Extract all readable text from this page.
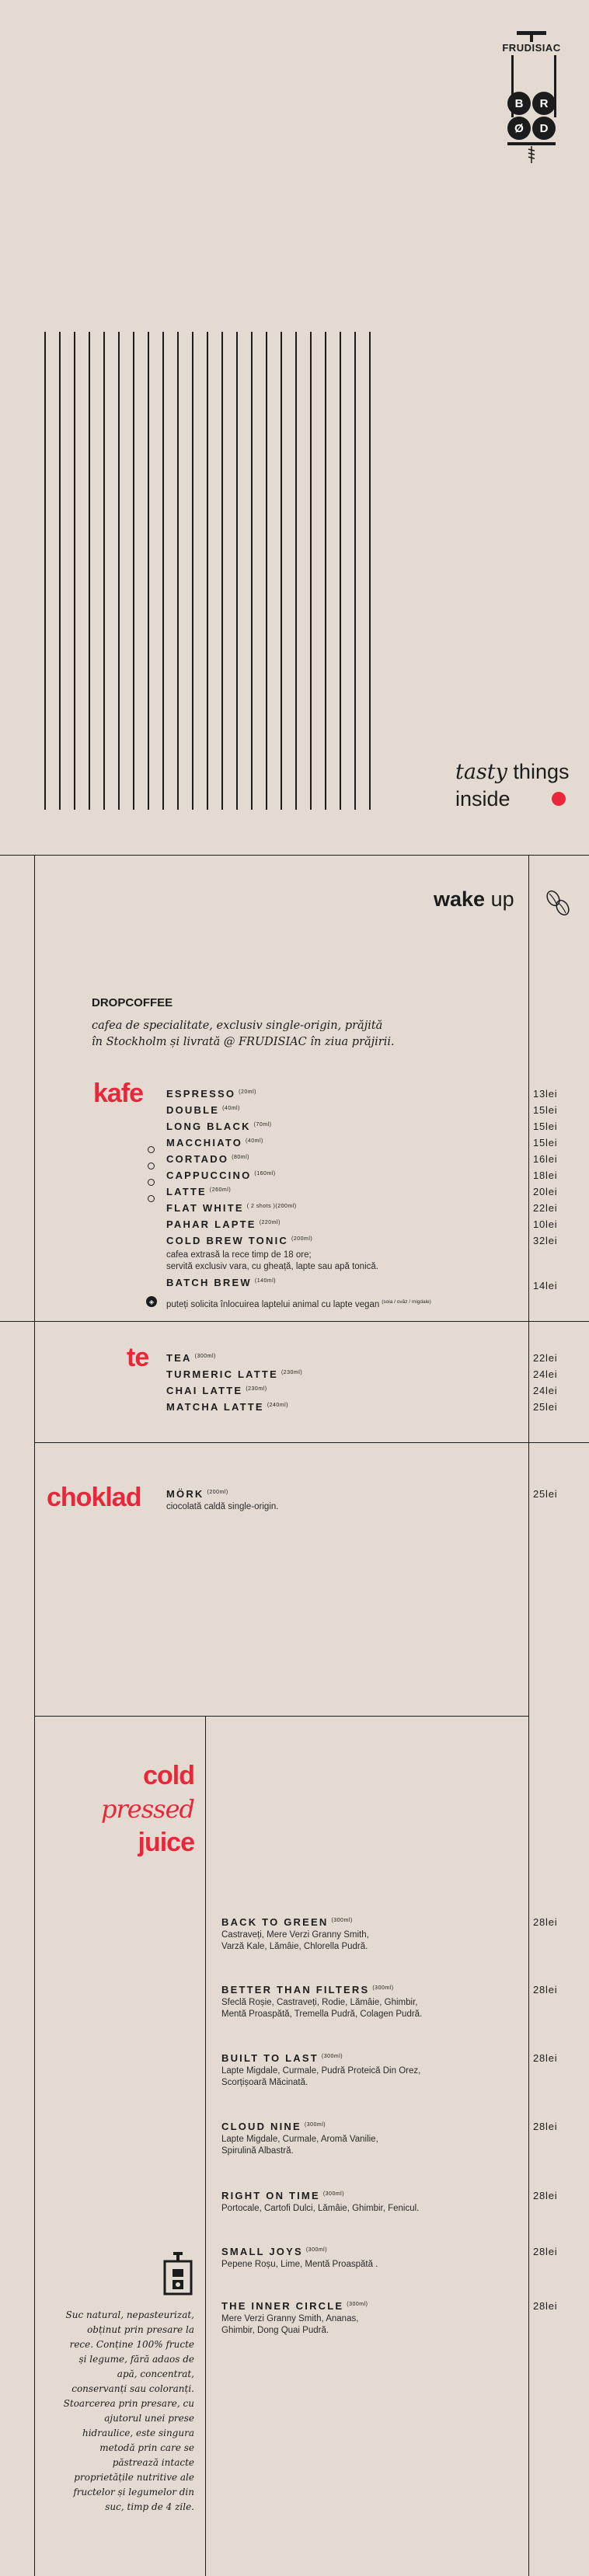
FRUDISIAC
B	R
Ø	D
tasty things
inside
wake up
DROPCOFFEE
cafea de specialitate, exclusiv single-origin, prăjită
în Stockholm și livrată @ FRUDISIAC în ziua prăjirii.
kafe ESPRESSO $^{(20ml)}$	13lei
DOUBLE $^{(40ml)}$	15lei
LONG BLACK $^{(70ml)}$	15lei
MACCHIATO $^{(40ml)}$	15lei
CORTADO $^{(80ml)}$	16lei
CAPPUCCINO $^{(160ml)}$	18lei
LATTE $^{(260ml)}$	20lei
FLAT WHITE $^{( 2 shots )(200ml)}$	22lei
PAHAR LAPTE $^{(220ml)}$	10lei
COLD BREW TONIC $^{(200ml)}$	32lei
cafea extrasă la rece timp de 18 ore;
servită exclusiv vara, cu gheață, lapte sau apă tonică.
BATCH BREW $^{(140ml)}$	14lei
◈	puteți solicita înlocuirea laptelui animal cu lapte vegan $^{(soia / ovăz / migdale)}$
te TEA $^{(300ml)}$	22lei
TURMERIC LATTE $^{(230ml)}$	24lei
CHAI LATTE $^{(230ml)}$	24lei
MATCHA LATTE $^{(240ml)}$	25lei
choklad	MÖRK $^{(200ml)}$
ciocolată caldă single-origin.
25lei
cold
pressed
juice
BACK TO GREEN $^{(300ml)}$
Castraveți, Mere Verzi Granny Smith,
Varză Kale, Lămâie, Chlorella Pudră.
28lei
BETTER THAN FILTERS $^{(300ml)}$
Sfeclă Roșie, Castraveți, Rodie, Lămâie, Ghimbir,
Mentă Proaspătă, Tremella Pudră, Colagen Pudră.
28lei
BUILT TO LAST $^{(300ml)}$
Lapte Migdale, Curmale, Pudră Proteică Din Orez,
Scorțișoară Măcinată.
28lei
CLOUD NINE $^{(300ml)}$
Lapte Migdale, Curmale, Aromă Vanilie,
Spirulină Albastră.
28lei
RIGHT ON TIME $^{(300ml)}$
Portocale, Cartofi Dulci, Lămâie, Ghimbir, Fenicul.
28lei
SMALL JOYS $^{(300ml)}$
Pepene Roșu, Lime, Mentă Proaspătă .
28lei
THE INNER CIRCLE $^{(300ml)}$
Mere Verzi Granny Smith, Ananas,
Ghimbir, Dong Quai Pudră.
28lei
Suc natural, nepasteurizat,
obținut prin presare la
rece. Conține 100% fructe
și legume, fără adaos de
apă, concentrat,
conservanți sau coloranți.
Stoarcerea prin presare, cu
ajutorul unei prese
hidraulice, este singura
metodă prin care se
păstrează intacte
proprietățile nutritive ale
fructelor și legumelor din
suc, timp de 4 zile.
